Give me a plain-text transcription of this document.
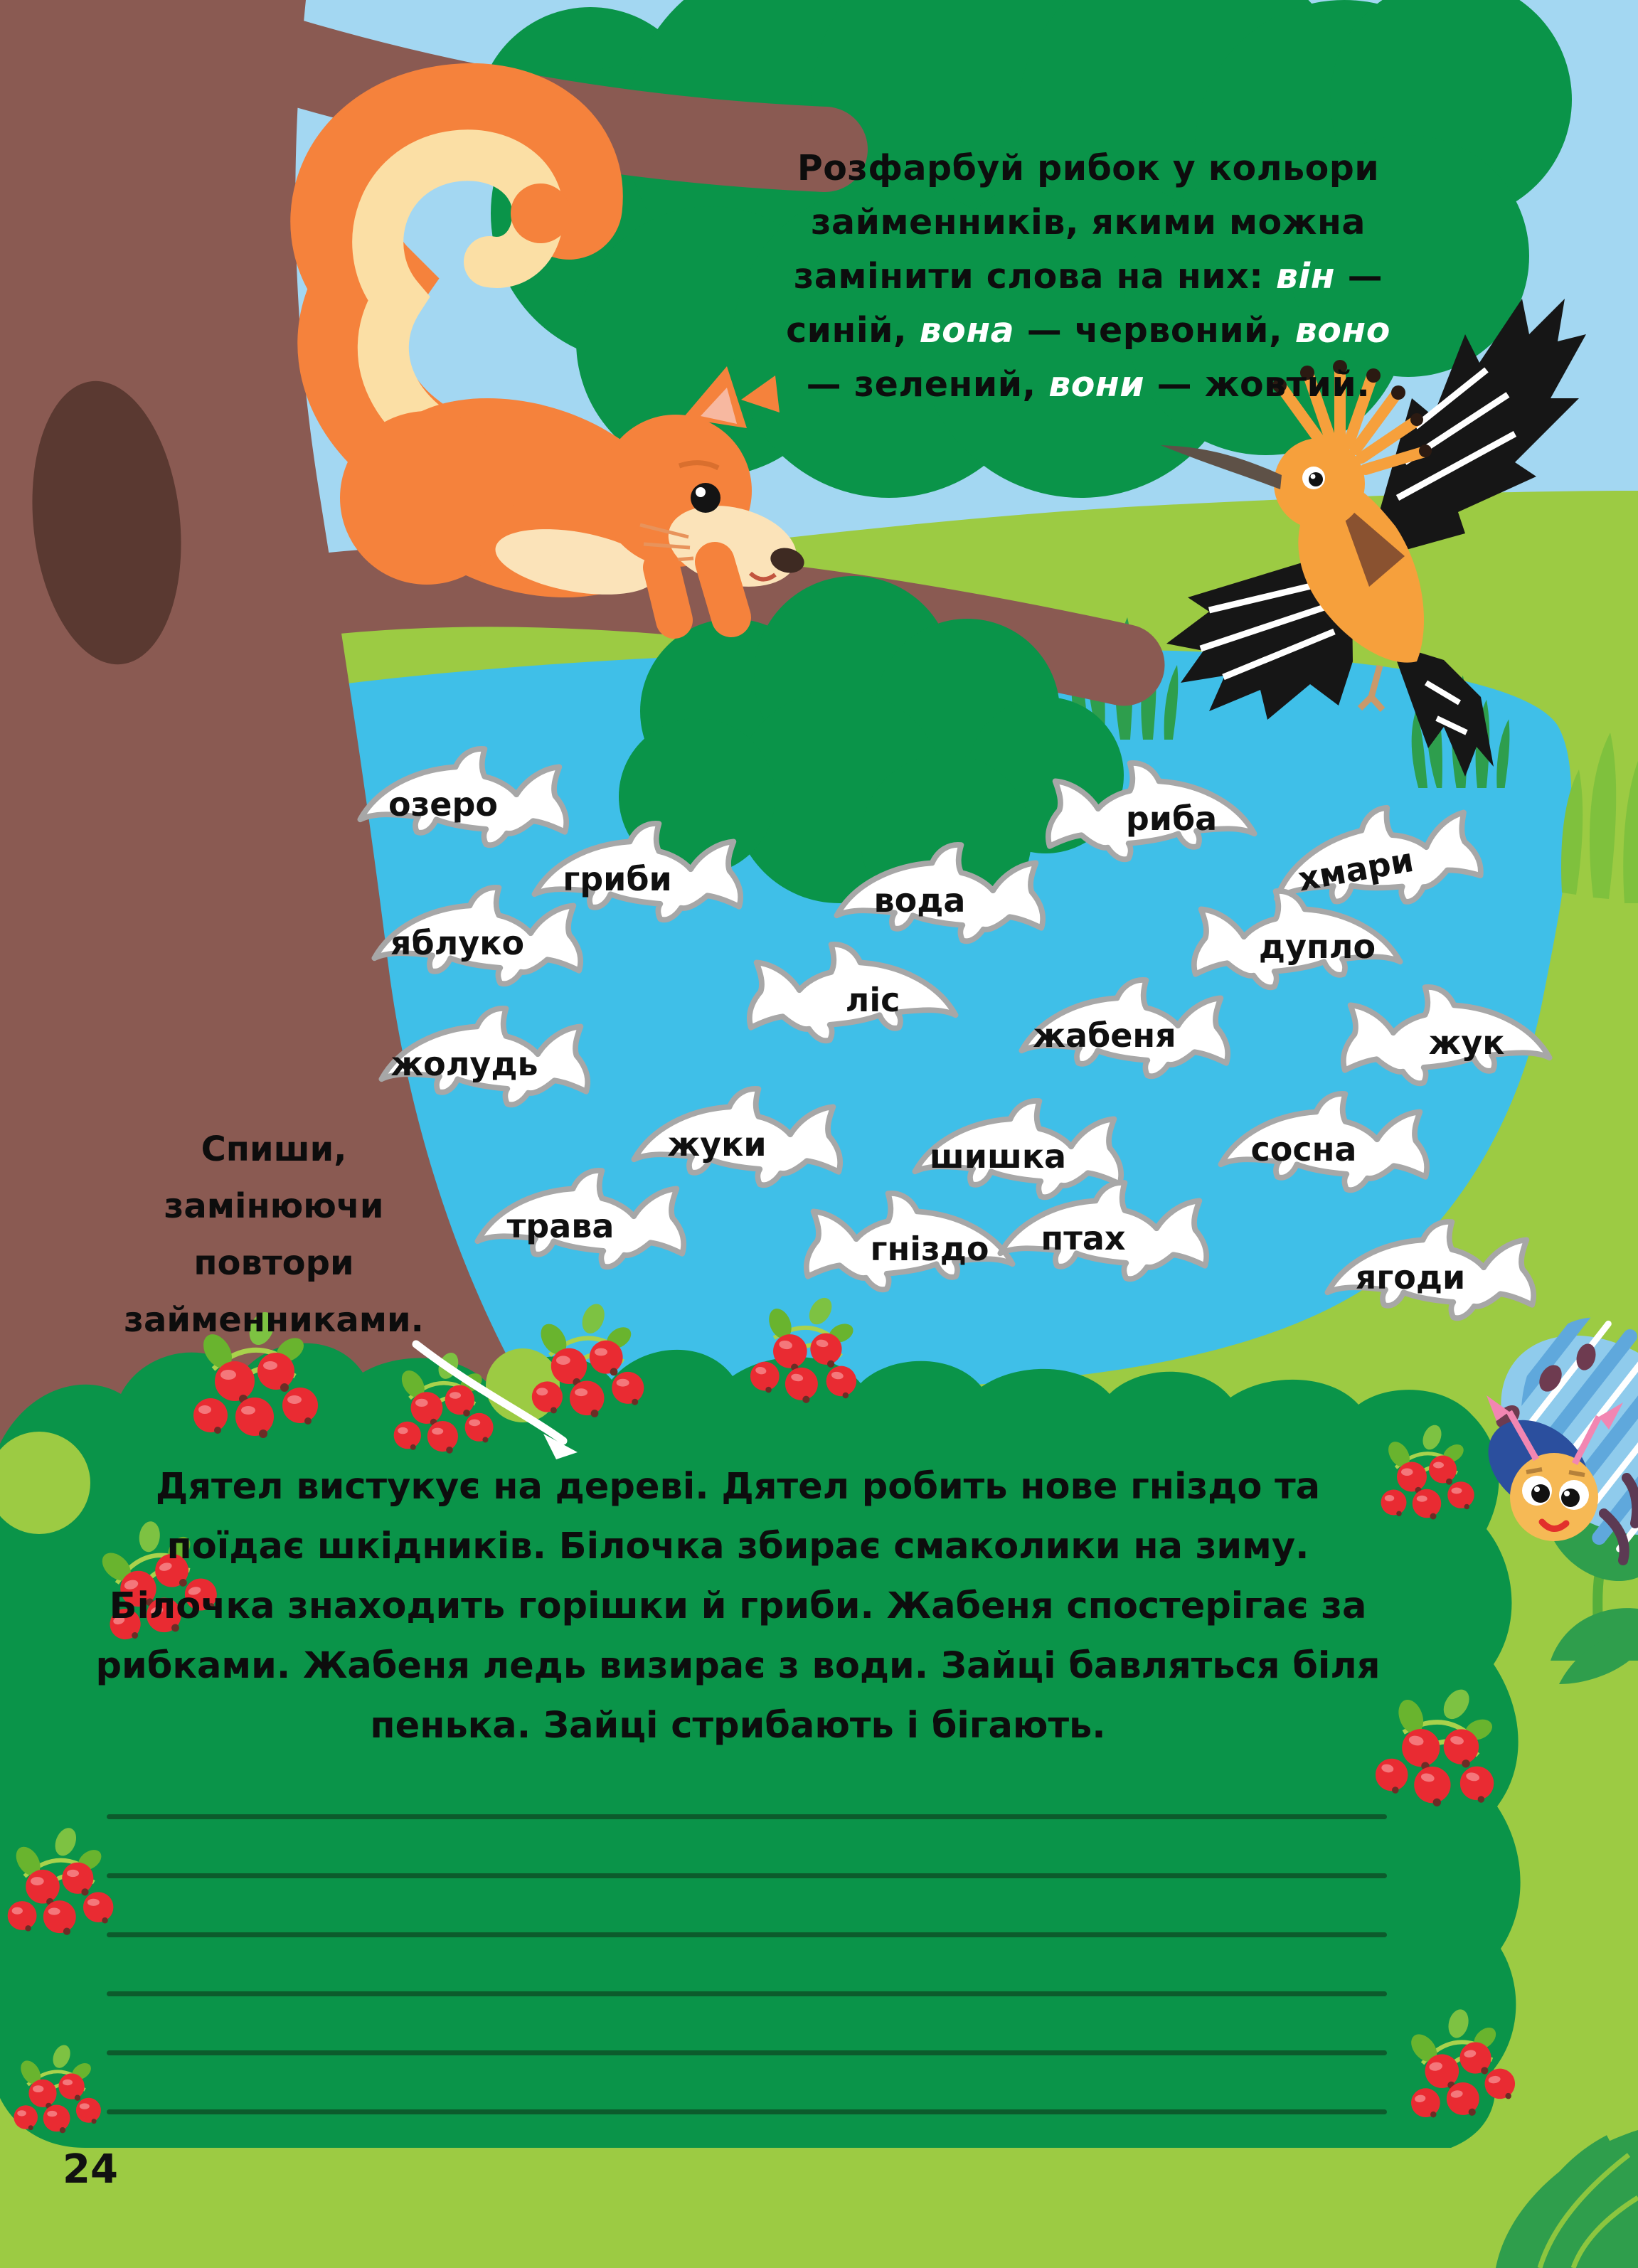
Розфарбуй рибок у кольори займенників, якими можна замінити слова на них: він — синій, вона — червоний, воно — зелений, вони — жовтий.

Спиши, замінюючи повтори займенниками.

озеро	риба
хмари
гриби
вода
яблуко	дупло
ліс
жабеня	жук
жолудь
жуки	шишка	сосна
трава
гніздо	птах
ягоди

Дятел вистукує на дереві. Дятел робить нове гніздо та поїдає шкідників. Білочка збирає смаколики на зиму. Білочка знаходить горішки й гриби. Жабеня спостерігає за рибками. Жабеня ледь визирає з води. Зайці бавляться біля пенька. Зайці стрибають і бігають.

24
